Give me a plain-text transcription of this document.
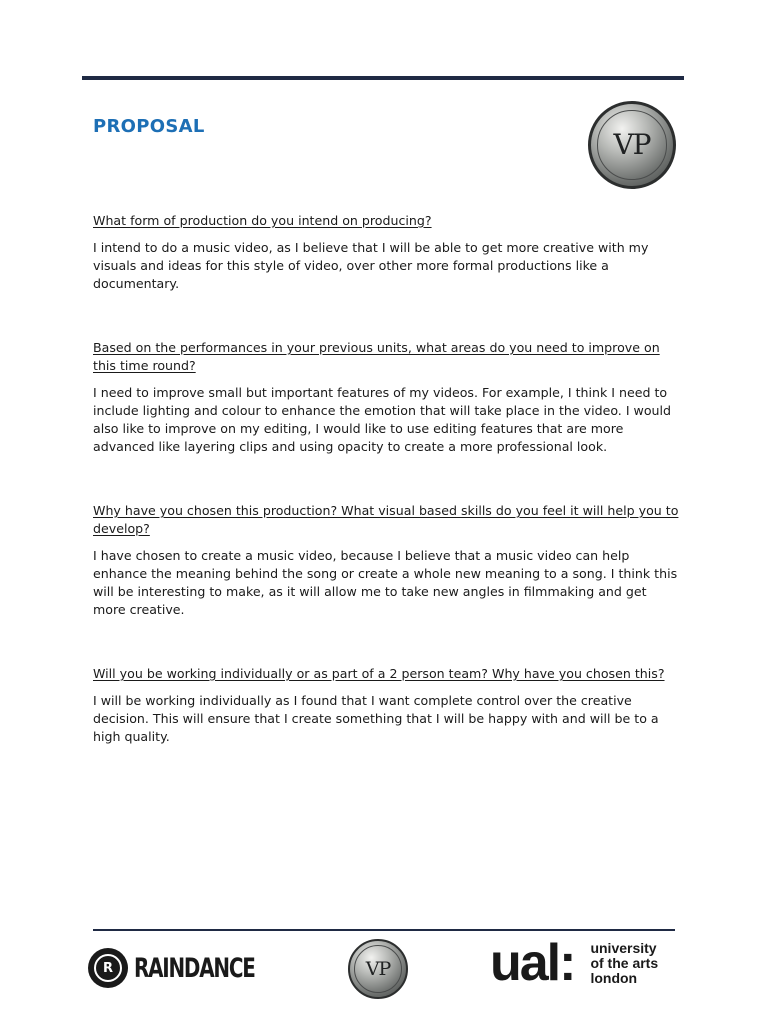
PROPOSAL
VP

What form of production do you intend on producing?

I intend to do a music video, as I believe that I will be able to get more creative with my visuals and ideas for this style of video, over other more formal productions like a documentary.

Based on the performances in your previous units, what areas do you need to improve on this time round?

I need to improve small but important features of my videos. For example, I think I need to include lighting and colour to enhance the emotion that will take place in the video. I would also like to improve on my editing, I would like to use editing features that are more advanced like layering clips and using opacity to create a more professional look.

Why have you chosen this production? What visual based skills do you feel it will help you to develop?

I have chosen to create a music video, because I believe that a music video can help enhance the meaning behind the song or create a whole new meaning to a song. I think this will be interesting to make, as it will allow me to take new angles in filmmaking and get more creative.

Will you be working individually or as part of a 2 person team? Why have you chosen this?

I will be working individually as I found that I want complete control over the creative decision. This will ensure that I create something that I will be happy with and will be to a high quality.

R RAINDANCE	VP ual: university
of the arts
london
